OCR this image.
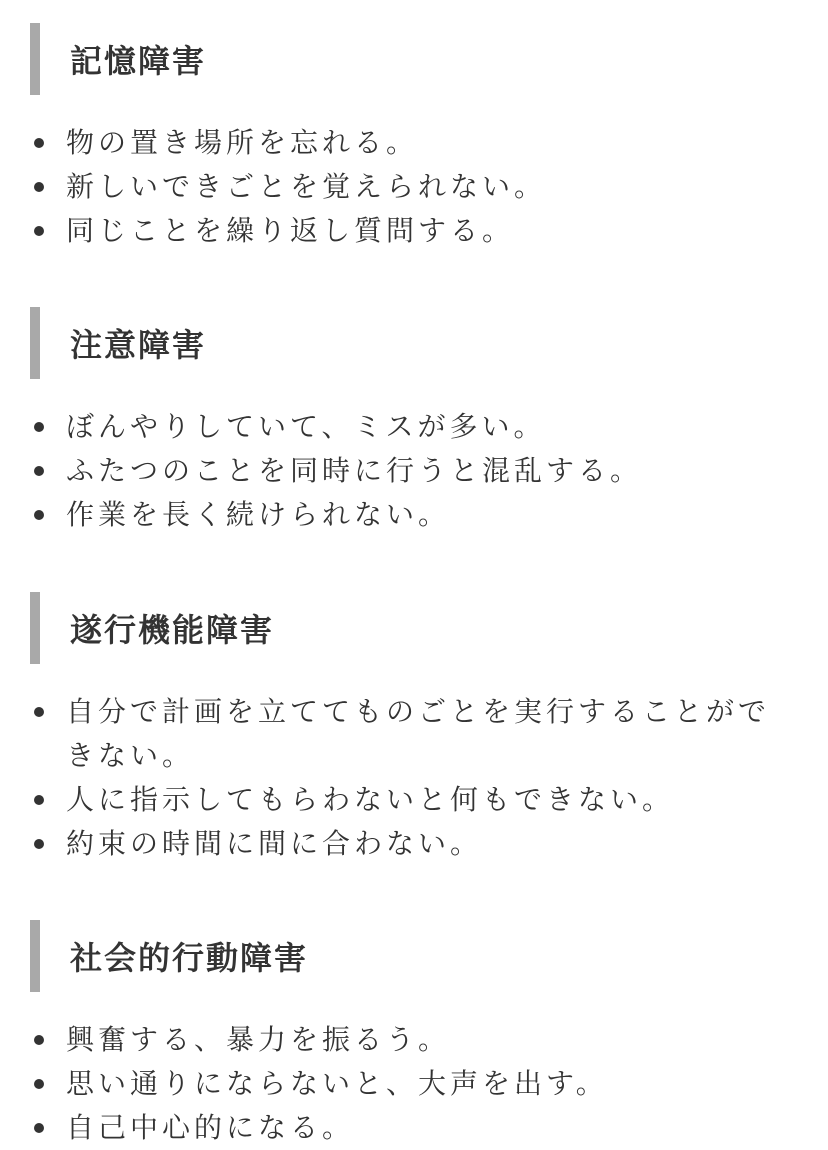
記憶障害
物の置き場所を忘れる。
新しいできごとを覚えられない。
同じことを繰り返し質問する。
注意障害
ぼんやりしていて、ミスが多い。
ふたつのことを同時に行うと混乱する。
作業を長く続けられない。
遂行機能障害
自分で計画を立ててものごとを実行することができない。
人に指示してもらわないと何もできない。
約束の時間に間に合わない。
社会的行動障害
興奮する、暴力を振るう。
思い通りにならないと、大声を出す。
自己中心的になる。
